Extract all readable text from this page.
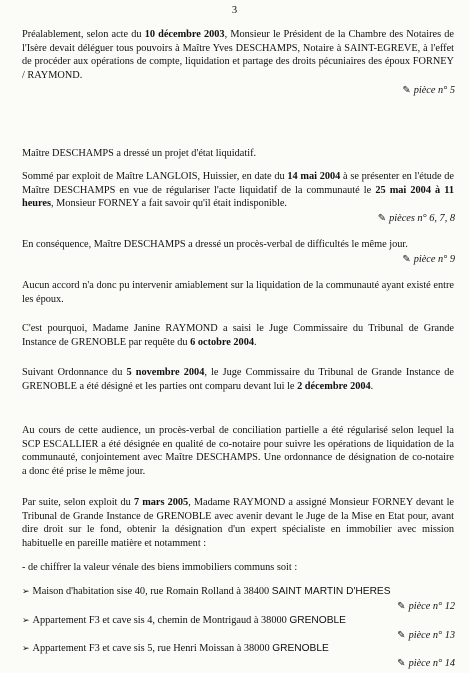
3

Préalablement, selon acte du 10 décembre 2003, Monsieur le Président de la Chambre des Notaires de l'Isère devait déléguer tous pouvoirs à Maître Yves DESCHAMPS, Notaire à SAINT-EGREVE, à l'effet de procéder aux opérations de compte, liquidation et partage des droits pécuniaires des époux FORNEY / RAYMOND.

✎ pièce n° 5

Maître DESCHAMPS a dressé un projet d'état liquidatif.

Sommé par exploit de Maître LANGLOIS, Huissier, en date du 14 mai 2004 à se présenter en l'étude de Maître DESCHAMPS en vue de régulariser l'acte liquidatif de la communauté le 25 mai 2004 à 11 heures, Monsieur FORNEY a fait savoir qu'il était indisponible.

✎ pièces n° 6, 7, 8

En conséquence, Maître DESCHAMPS a dressé un procès-verbal de difficultés le même jour.

✎ pièce n° 9

Aucun accord n'a donc pu intervenir amiablement sur la liquidation de la communauté ayant existé entre les époux.

C'est pourquoi, Madame Janine RAYMOND a saisi le Juge Commissaire du Tribunal de Grande Instance de GRENOBLE par requête du 6 octobre 2004.

Suivant Ordonnance du 5 novembre 2004, le Juge Commissaire du Tribunal de Grande Instance de GRENOBLE a été désigné et les parties ont comparu devant lui le 2 décembre 2004.

Au cours de cette audience, un procès-verbal de conciliation partielle a été régularisé selon lequel la SCP ESCALLIER a été désignée en qualité de co-notaire pour suivre les opérations de liquidation de la communauté, conjointement avec Maître DESCHAMPS. Une ordonnance de désignation de co-notaire a donc été prise le même jour.

Par suite, selon exploit du 7 mars 2005, Madame RAYMOND a assigné Monsieur FORNEY devant le Tribunal de Grande Instance de GRENOBLE avec avenir devant le Juge de la Mise en Etat pour, avant dire droit sur le fond, obtenir la désignation d'un expert spécialiste en immobilier avec mission habituelle en pareille matière et notamment :

- de chiffrer la valeur vénale des biens immobiliers communs soit :

➢ Maison d'habitation sise 40, rue Romain Rolland à 38400 SAINT MARTIN D'HERES
✎ pièce n° 12
➢ Appartement F3 et cave sis 4, chemin de Montrigaud à 38000 GRENOBLE
✎ pièce n° 13
➢ Appartement F3 et cave sis 5, rue Henri Moissan à 38000 GRENOBLE
✎ pièce n° 14
